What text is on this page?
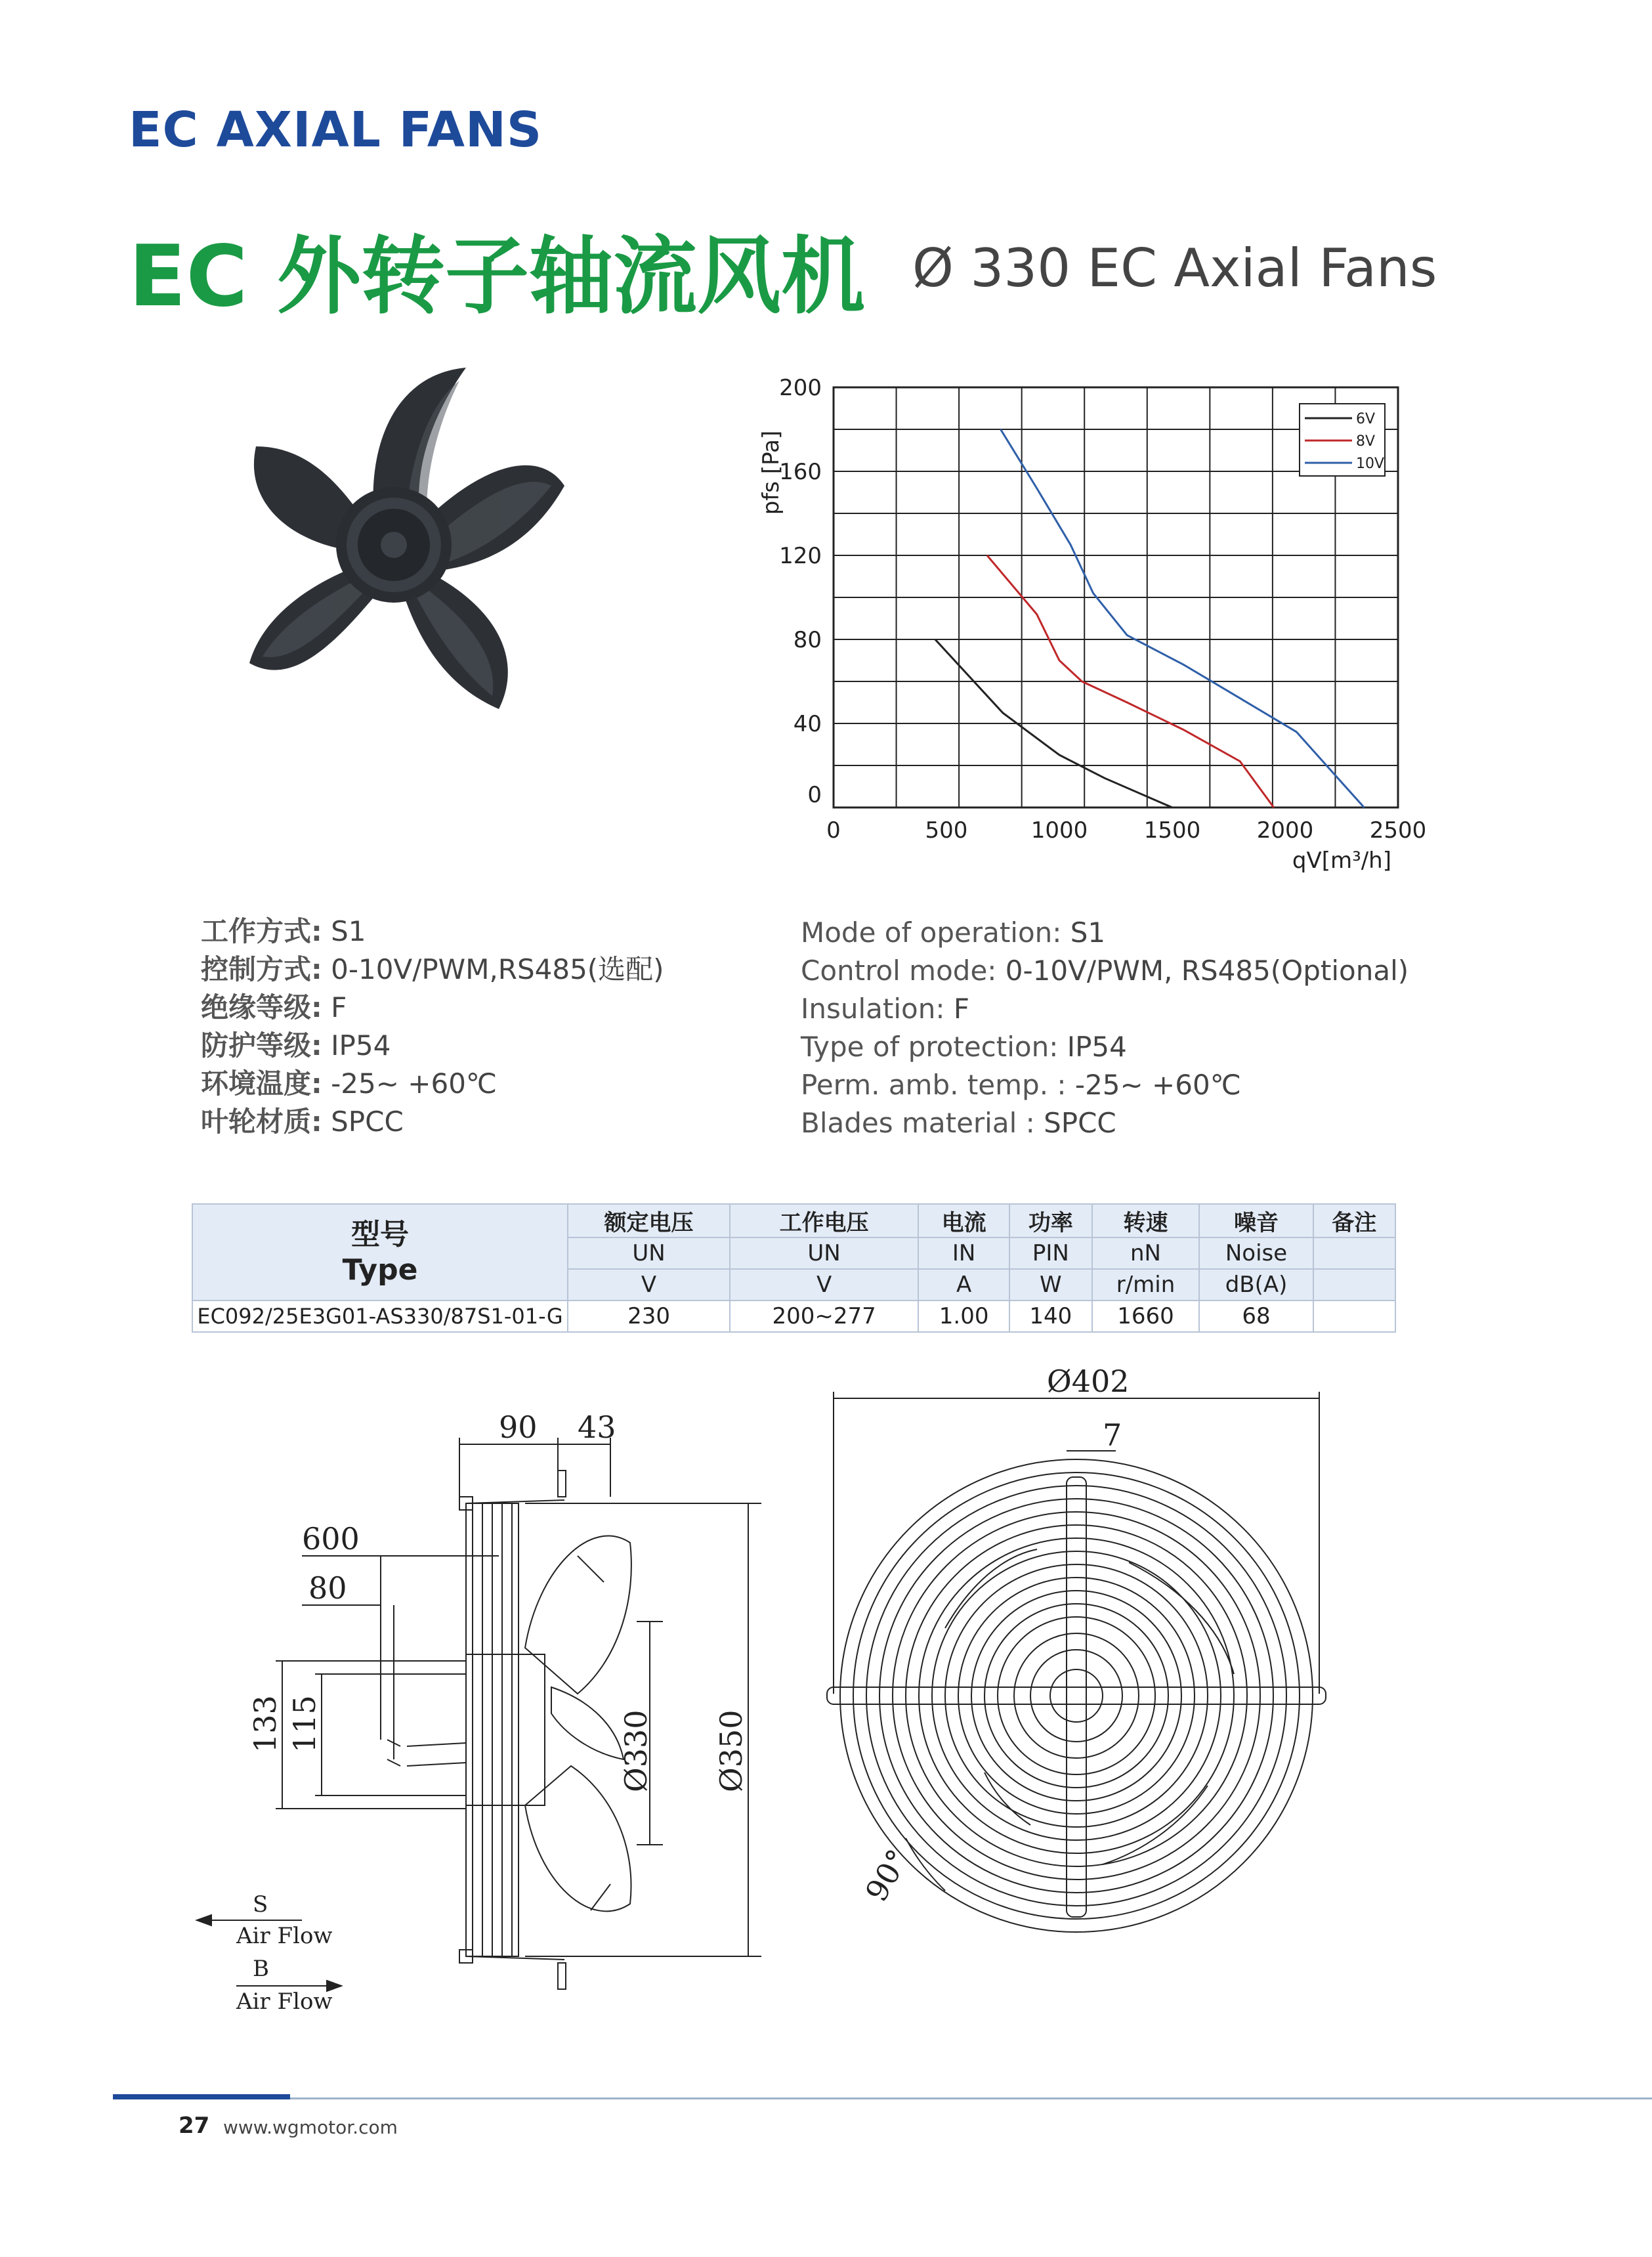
EC AXIAL FANS
EC 外转子轴流风机 Ø 330 EC Axial Fans
0	500	1000	1500	2000	2500
0
40
80
120
160
200
qV[m³/h]
pfs [Pa]
6V
8V
10V
工作方式: S1
控制方式: 0-10V/PWM,RS485(选配)
绝缘等级: F
防护等级: IP54
环境温度: -25~ +60℃
叶轮材质: SPCC
Mode of operation: S1
Control mode: 0-10V/PWM, RS485(Optional)
Insulation: F
Type of protection: IP54
Perm. amb. temp. : -25~ +60℃
Blades material : SPCC
型号
Type	额定电压	工作电压	电流	功率	转速	噪音	备注
	UN	UN	IN	PIN	nN	Noise	
	V	V	A	W	r/min	dB(A)	
EC092/25E3G01-AS330/87S1-01-G	230	200~277	1.00	140	1660	68	
90 43
600
80
133 115	Ø330 Ø350
S
Air Flow
B
Air Flow
Ø402
7
90°
27 www.wgmotor.com
